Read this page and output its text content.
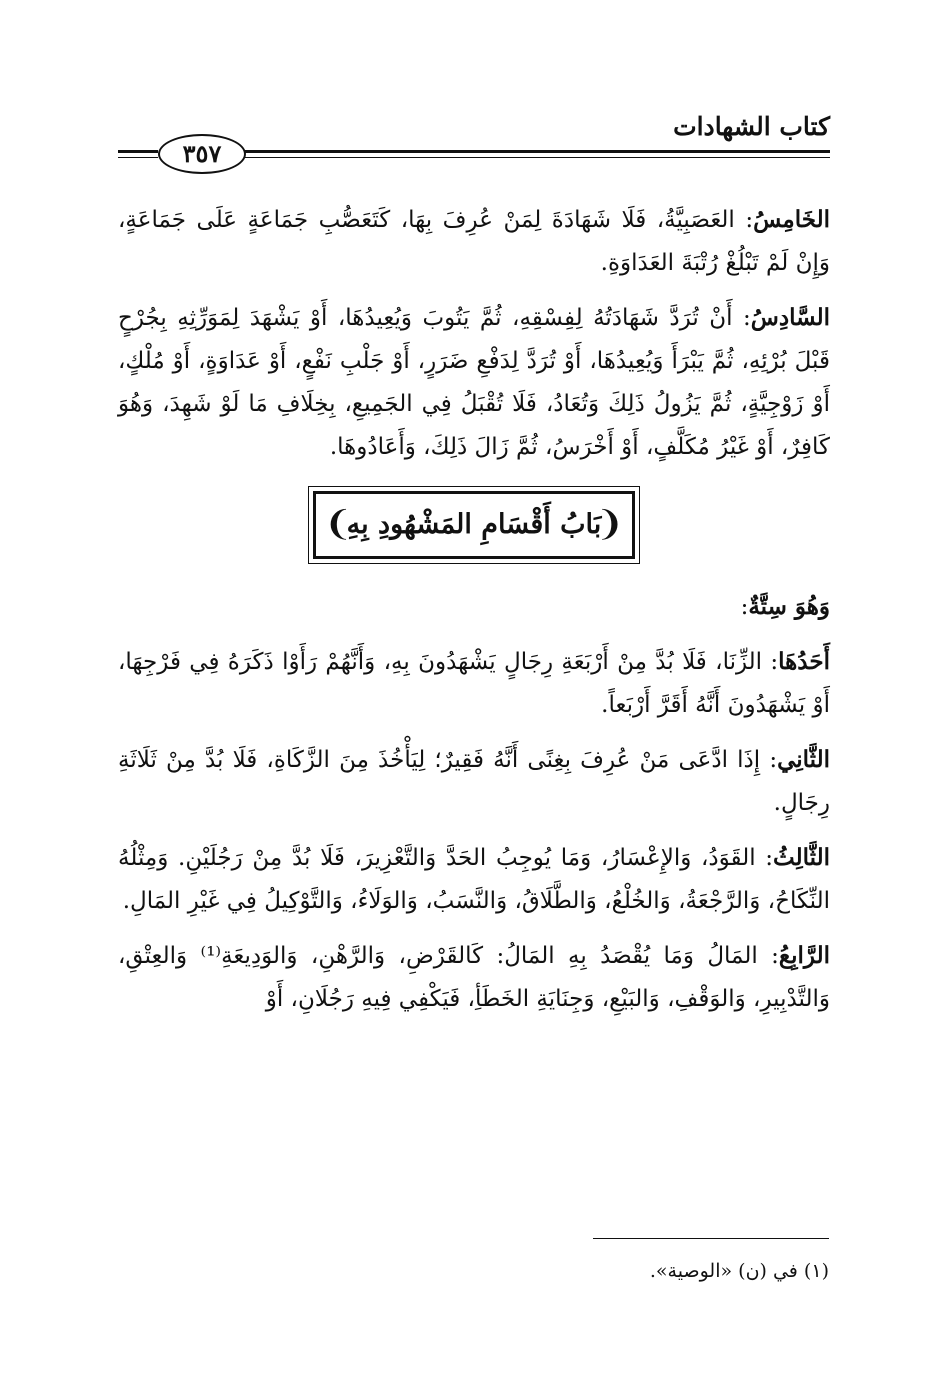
كتاب الشهادات
٣٥٧

الخَامِسُ: العَصَبِيَّةُ، فَلَا شَهَادَةَ لِمَنْ عُرِفَ بِهَا، كَتَعَصُّبِ جَمَاعَةٍ عَلَى جَمَاعَةٍ، وَإِنْ لَمْ تَبْلُغْ رُتْبَةَ العَدَاوَةِ.

السَّادِسُ: أَنْ تُرَدَّ شَهَادَتُهُ لِفِسْقِهِ، ثُمَّ يَتُوبَ وَيُعِيدُهَا، أَوْ يَشْهَدَ لِمَوَرِّثِهِ بِجُرْحٍ قَبْلَ بُرْئِهِ، ثُمَّ يَبْرَأَ وَيُعِيدُهَا، أَوْ تُرَدَّ لِدَفْعِ ضَرَرٍ، أَوْ جَلْبِ نَفْعٍ، أَوْ عَدَاوَةٍ، أَوْ مُلْكٍ، أَوْ زَوْجِيَّةٍ، ثُمَّ يَزُولُ ذَلِكَ وَتُعَادُ، فَلَا تُقْبَلُ فِي الجَمِيعِ، بِخِلَافِ مَا لَوْ شَهِدَ، وَهُوَ كَافِرٌ، أَوْ غَيْرُ مُكَلَّفٍ، أَوْ أَخْرَسُ، ثُمَّ زَالَ ذَلِكَ، وَأَعَادُوهَا.

❨
بَابُ أَقْسَامِ المَشْهُودِ بِهِ
❩

وَهُوَ سِتَّةٌ:

أَحَدُهَا: الزِّنَا، فَلَا بُدَّ مِنْ أَرْبَعَةِ رِجَالٍ يَشْهَدُونَ بِهِ، وَأَنَّهُمْ رَأَوْا ذَكَرَهُ فِي فَرْجِهَا، أَوْ يَشْهَدُونَ أَنَّهُ أَقَرَّ أَرْبَعاً.

الثَّانِي: إِذَا ادَّعَى مَنْ عُرِفَ بِغِنًى أَنَّهُ فَقِيرٌ؛ لِيَأْخُذَ مِنَ الزَّكَاةِ، فَلَا بُدَّ مِنْ ثَلَاثَةِ رِجَالٍ.

الثَّالِثُ: القَوَدُ، وَالإِعْسَارُ، وَمَا يُوجِبُ الحَدَّ وَالتَّعْزِيرَ، فَلَا بُدَّ مِنْ رَجُلَيْنِ. وَمِثْلُهُ النِّكَاحُ، وَالرَّجْعَةُ، وَالخُلْعُ، وَالطَّلَاقُ، وَالنَّسَبُ، وَالوَلَاءُ، وَالتَّوْكِيلُ فِي غَيْرِ المَالِ.

الرَّابِعُ: المَالُ وَمَا يُقْصَدُ بِهِ المَالُ: كَالقَرْضِ، وَالرَّهْنِ، وَالوَدِيعَةِ⁽¹⁾ وَالعِتْقِ، وَالتَّدْبِيرِ، وَالوَقْفِ، وَالبَيْعِ، وَجِنَايَةِ الخَطَأِ، فَيَكْفِي فِيهِ رَجُلَانِ، أَوْ

(١) في (ن) «الوصية».
